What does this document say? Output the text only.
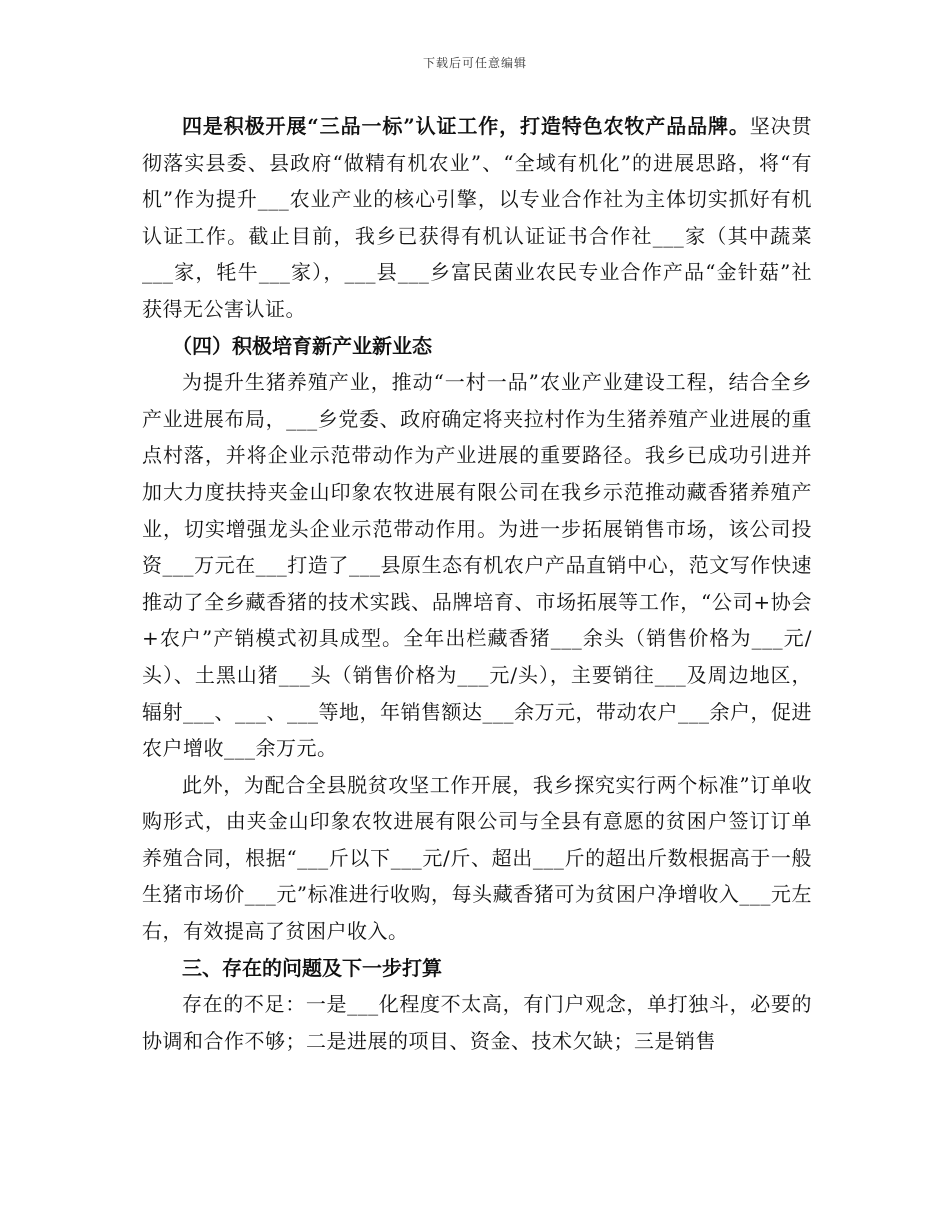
下载后可任意编辑

四是积极开展“三品一标”认证工作，打造特色农牧产品品牌。坚决贯彻落实县委、县政府“做精有机农业”、“全域有机化”的进展思路，将“有机”作为提升___农业产业的核心引擎，以专业合作社为主体切实抓好有机认证工作。截止目前，我乡已获得有机认证证书合作社___家（其中蔬菜___家，牦牛___家），___县___乡富民菌业农民专业合作产品“金针菇”社获得无公害认证。

（四）积极培育新产业新业态

为提升生猪养殖产业，推动“一村一品”农业产业建设工程，结合全乡产业进展布局，___乡党委、政府确定将夹拉村作为生猪养殖产业进展的重点村落，并将企业示范带动作为产业进展的重要路径。我乡已成功引进并加大力度扶持夹金山印象农牧进展有限公司在我乡示范推动藏香猪养殖产业，切实增强龙头企业示范带动作用。为进一步拓展销售市场，该公司投资___万元在___打造了___县原生态有机农户产品直销中心，范文写作快速推动了全乡藏香猪的技术实践、品牌培育、市场拓展等工作，“公司+协会+农户”产销模式初具成型。全年出栏藏香猪___余头（销售价格为___元/头）、土黑山猪___头（销售价格为___元/头），主要销往___及周边地区，辐射___、___、___等地，年销售额达___余万元，带动农户___余户，促进农户增收___余万元。

此外，为配合全县脱贫攻坚工作开展，我乡探究实行两个标准”订单收购形式，由夹金山印象农牧进展有限公司与全县有意愿的贫困户签订订单养殖合同，根据“___斤以下___元/斤、超出___斤的超出斤数根据高于一般生猪市场价___元”标准进行收购，每头藏香猪可为贫困户净增收入___元左右，有效提高了贫困户收入。

三、存在的问题及下一步打算

存在的不足：一是___化程度不太高，有门户观念，单打独斗，必要的协调和合作不够；二是进展的项目、资金、技术欠缺；三是销售
